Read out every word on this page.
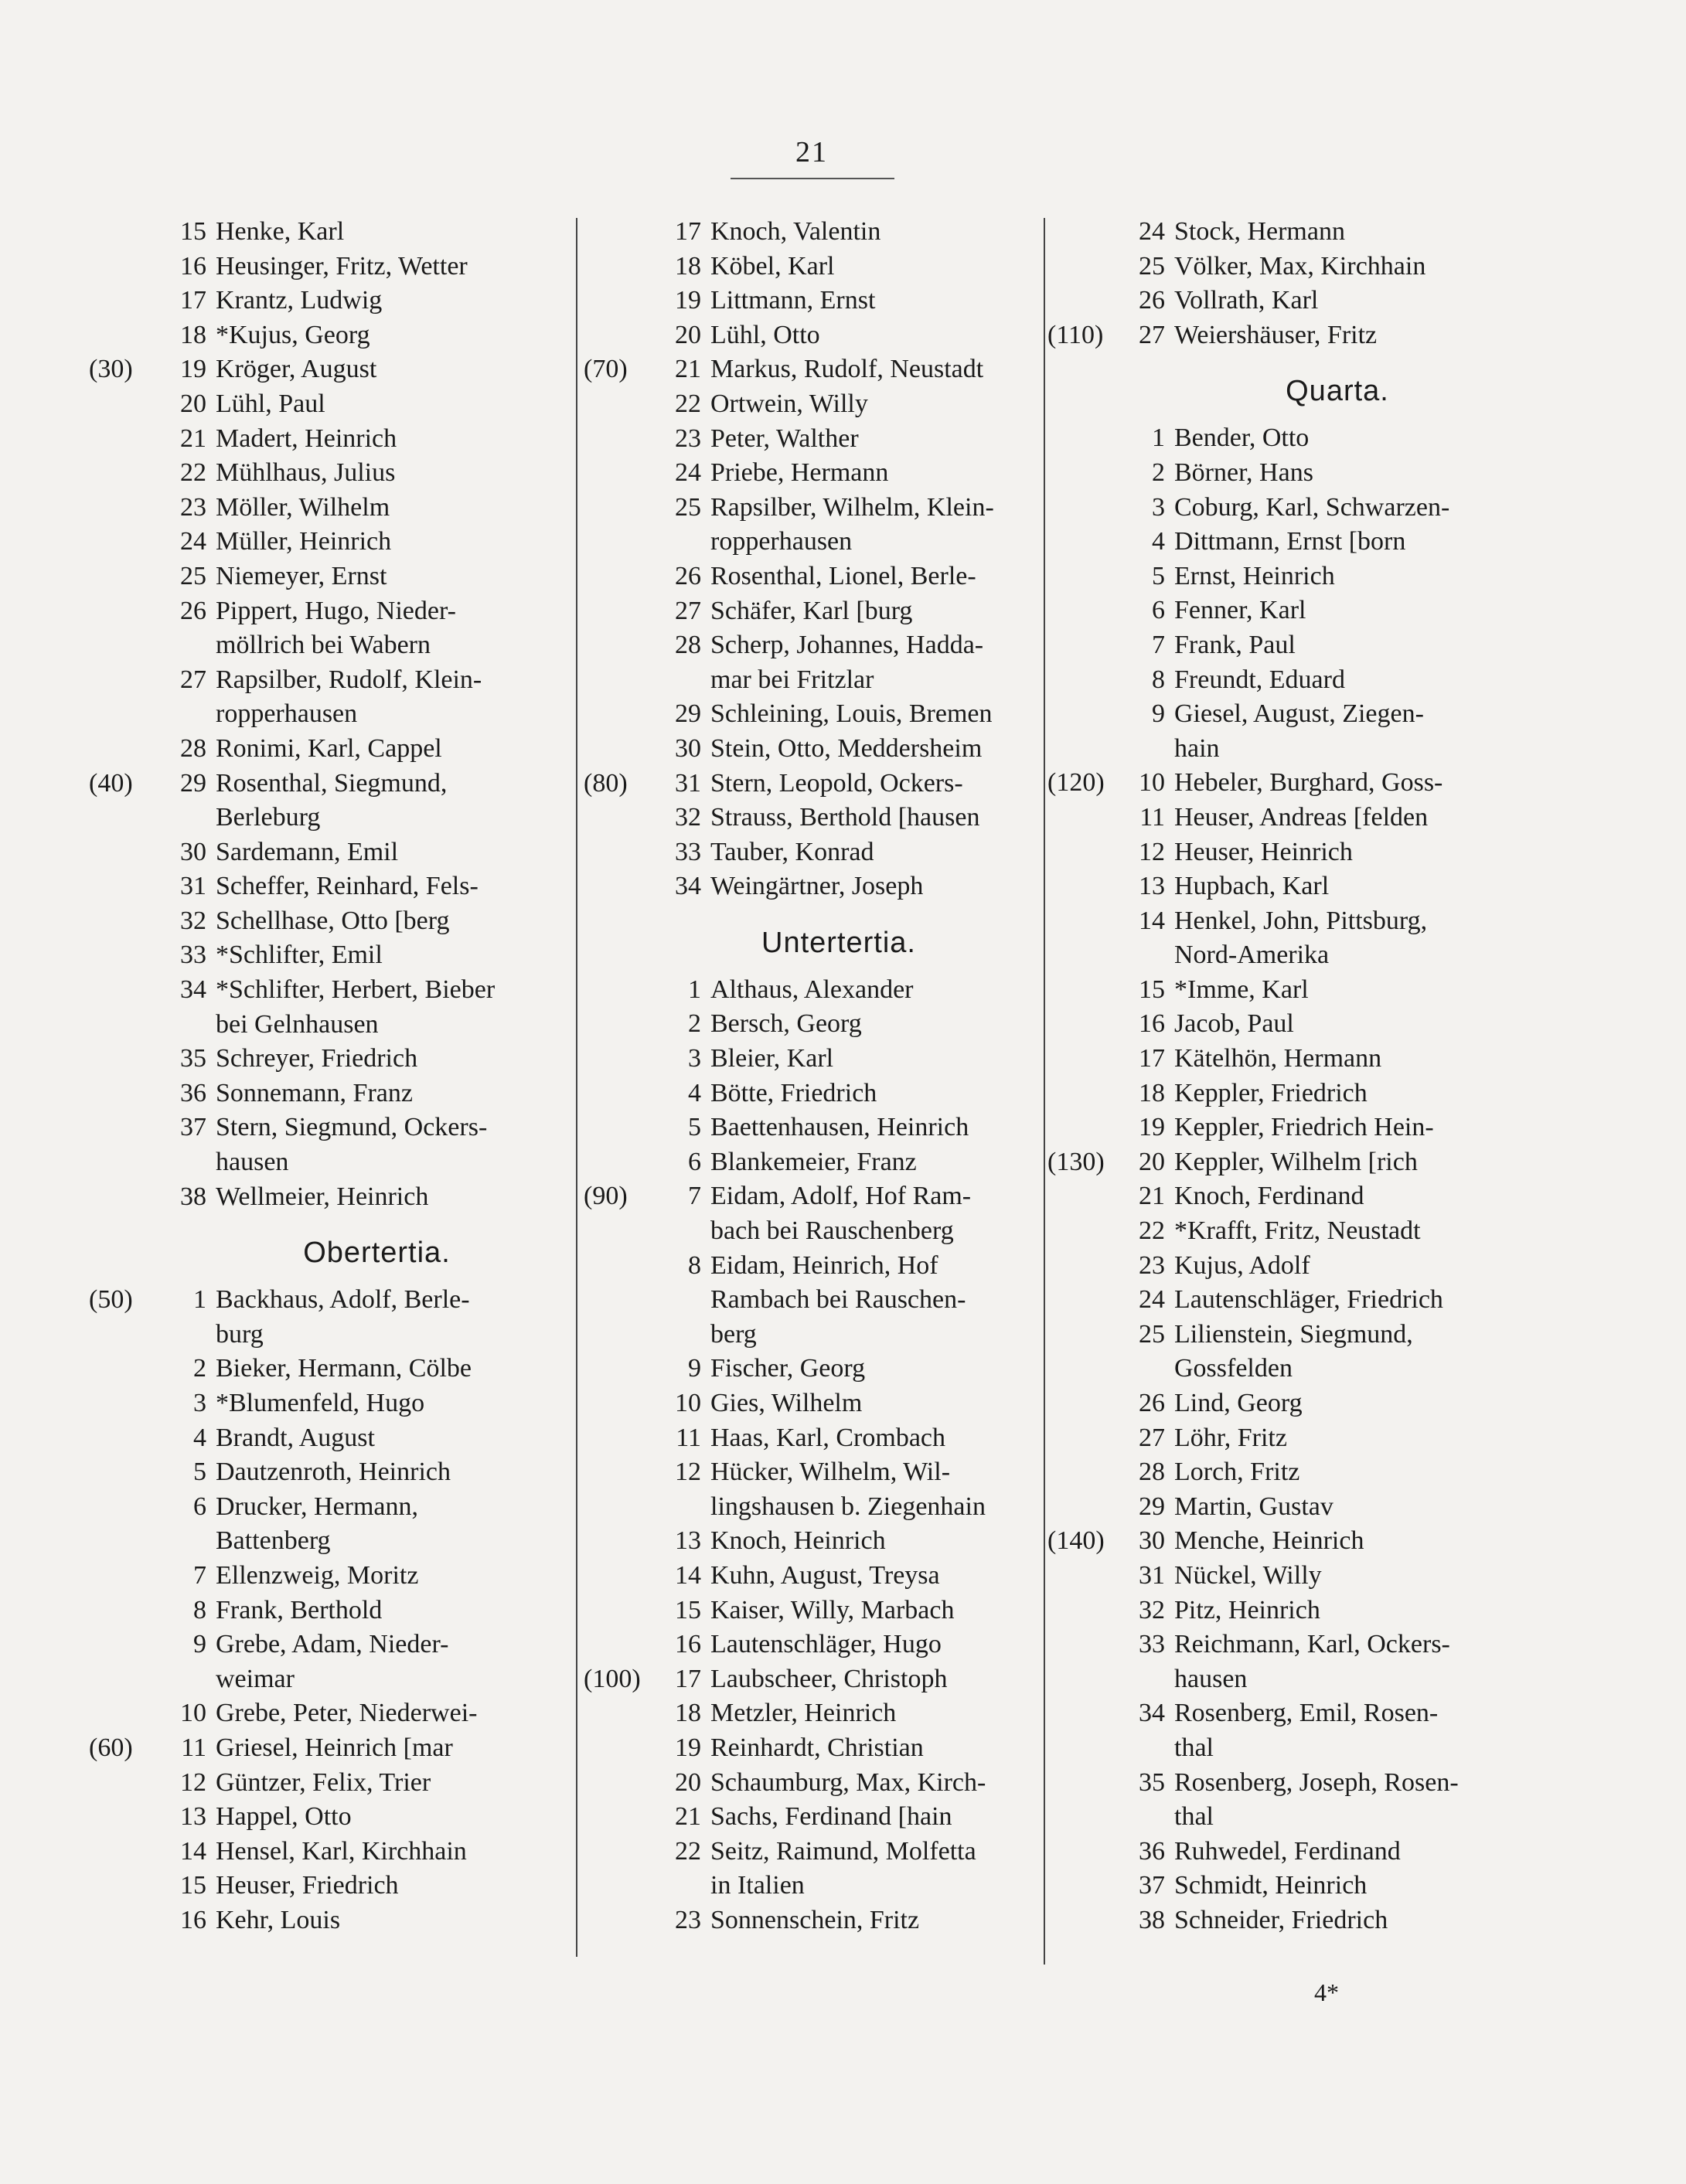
21
15 Henke, Karl
16 Heusinger, Fritz, Wetter
17 Krantz, Ludwig
18 *Kujus, Georg
(30)	19 Kröger, August
20 Lühl, Paul
21 Madert, Heinrich
22 Mühlhaus, Julius
23 Möller, Wilhelm
24 Müller, Heinrich
25 Niemeyer, Ernst
26 Pippert, Hugo, Nieder-
möllrich bei Wabern
27 Rapsilber, Rudolf, Klein-
ropperhausen
28 Ronimi, Karl, Cappel
(40)	29 Rosenthal, Siegmund,
Berleburg
30 Sardemann, Emil
31 Scheffer, Reinhard, Fels-
32 Schellhase, Otto [berg
33 *Schlifter, Emil
34 *Schlifter, Herbert, Bieber
bei Gelnhausen
35 Schreyer, Friedrich
36 Sonnemann, Franz
37 Stern, Siegmund, Ockers-
hausen
38 Wellmeier, Heinrich
Obertertia.
(50)	1 Backhaus, Adolf, Berle-
burg
2 Bieker, Hermann, Cölbe
3 *Blumenfeld, Hugo
4 Brandt, August
5 Dautzenroth, Heinrich
6 Drucker, Hermann,
Battenberg
7 Ellenzweig, Moritz
8 Frank, Berthold
9 Grebe, Adam, Nieder-
weimar
10 Grebe, Peter, Niederwei-
(60)	11 Griesel, Heinrich [mar
12 Güntzer, Felix, Trier
13 Happel, Otto
14 Hensel, Karl, Kirchhain
15 Heuser, Friedrich
16 Kehr, Louis
17 Knoch, Valentin
18 Köbel, Karl
19 Littmann, Ernst
20 Lühl, Otto
(70)	21 Markus, Rudolf, Neustadt
22 Ortwein, Willy
23 Peter, Walther
24 Priebe, Hermann
25 Rapsilber, Wilhelm, Klein-
ropperhausen
26 Rosenthal, Lionel, Berle-
27 Schäfer, Karl [burg
28 Scherp, Johannes, Hadda-
mar bei Fritzlar
29 Schleining, Louis, Bremen
30 Stein, Otto, Meddersheim
(80)	31 Stern, Leopold, Ockers-
32 Strauss, Berthold [hausen
33 Tauber, Konrad
34 Weingärtner, Joseph
Untertertia.
1 Althaus, Alexander
2 Bersch, Georg
3 Bleier, Karl
4 Bötte, Friedrich
5 Baettenhausen, Heinrich
6 Blankemeier, Franz
(90)	7 Eidam, Adolf, Hof Ram-
bach bei Rauschenberg
8 Eidam, Heinrich, Hof
Rambach bei Rauschen-
berg
9 Fischer, Georg
10 Gies, Wilhelm
11 Haas, Karl, Crombach
12 Hücker, Wilhelm, Wil-
lingshausen b. Ziegenhain
13 Knoch, Heinrich
14 Kuhn, August, Treysa
15 Kaiser, Willy, Marbach
16 Lautenschläger, Hugo
(100)	17 Laubscheer, Christoph
18 Metzler, Heinrich
19 Reinhardt, Christian
20 Schaumburg, Max, Kirch-
21 Sachs, Ferdinand [hain
22 Seitz, Raimund, Molfetta
in Italien
23 Sonnenschein, Fritz
24 Stock, Hermann
25 Völker, Max, Kirchhain
26 Vollrath, Karl
(110)	27 Weiershäuser, Fritz
Quarta.
1 Bender, Otto
2 Börner, Hans
3 Coburg, Karl, Schwarzen-
4 Dittmann, Ernst [born
5 Ernst, Heinrich
6 Fenner, Karl
7 Frank, Paul
8 Freundt, Eduard
9 Giesel, August, Ziegen-
hain
(120)	10 Hebeler, Burghard, Goss-
11 Heuser, Andreas [felden
12 Heuser, Heinrich
13 Hupbach, Karl
14 Henkel, John, Pittsburg,
Nord-Amerika
15 *Imme, Karl
16 Jacob, Paul
17 Kätelhön, Hermann
18 Keppler, Friedrich
19 Keppler, Friedrich Hein-
(130)	20 Keppler, Wilhelm [rich
21 Knoch, Ferdinand
22 *Krafft, Fritz, Neustadt
23 Kujus, Adolf
24 Lautenschläger, Friedrich
25 Lilienstein, Siegmund,
Gossfelden
26 Lind, Georg
27 Löhr, Fritz
28 Lorch, Fritz
29 Martin, Gustav
(140)	30 Menche, Heinrich
31 Nückel, Willy
32 Pitz, Heinrich
33 Reichmann, Karl, Ockers-
hausen
34 Rosenberg, Emil, Rosen-
thal
35 Rosenberg, Joseph, Rosen-
thal
36 Ruhwedel, Ferdinand
37 Schmidt, Heinrich
38 Schneider, Friedrich
4*
